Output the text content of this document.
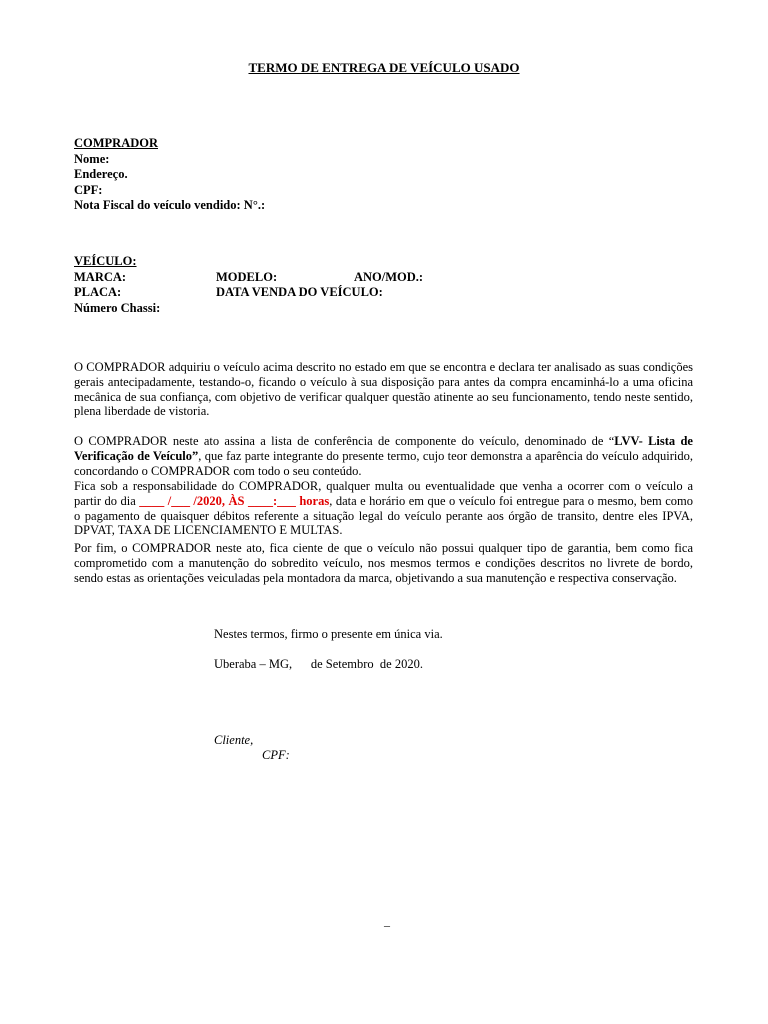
TERMO DE ENTREGA DE VEÍCULO USADO
COMPRADOR
Nome:
Endereço.
CPF:
Nota Fiscal do veículo vendido: N°.:
VEÍCULO:
MARCA:	MODELO:	ANO/MOD.:
PLACA:	DATA VENDA DO VEÍCULO:
Número Chassi:
O COMPRADOR adquiriu o veículo acima descrito no estado em que se encontra e declara ter analisado as suas condições gerais antecipadamente, testando-o, ficando o veículo à sua disposição para antes da compra encaminhá-lo a uma oficina mecânica de sua confiança, com objetivo de verificar qualquer questão atinente ao seu funcionamento, tendo neste sentido, plena liberdade de vistoria.
O COMPRADOR neste ato assina a lista de conferência de componente do veículo, denominado de “LVV- Lista de Verificação de Veículo”, que faz parte integrante do presente termo, cujo teor demonstra a aparência do veículo adquirido, concordando o COMPRADOR com todo o seu conteúdo.
Fica sob a responsabilidade do COMPRADOR, qualquer multa ou eventualidade que venha a ocorrer com o veículo a partir do dia ____ /___ /2020, ÀS ____:___ horas, data e horário em que o veículo foi entregue para o mesmo, bem como o pagamento de quaisquer débitos referente a situação legal do veículo perante aos órgão de transito, dentre eles IPVA, DPVAT, TAXA DE LICENCIAMENTO E MULTAS.
Por fim, o COMPRADOR neste ato, fica ciente de que o veículo não possui qualquer tipo de garantia, bem como fica comprometido com a manutenção do sobredito veículo, nos mesmos termos e condições descritos no livrete de bordo, sendo estas as orientações veiculadas pela montadora da marca, objetivando a sua manutenção e respectiva conservação.
Nestes termos, firmo o presente em única via.
Uberaba – MG,      de Setembro  de 2020.
Cliente,
CPF:
–
